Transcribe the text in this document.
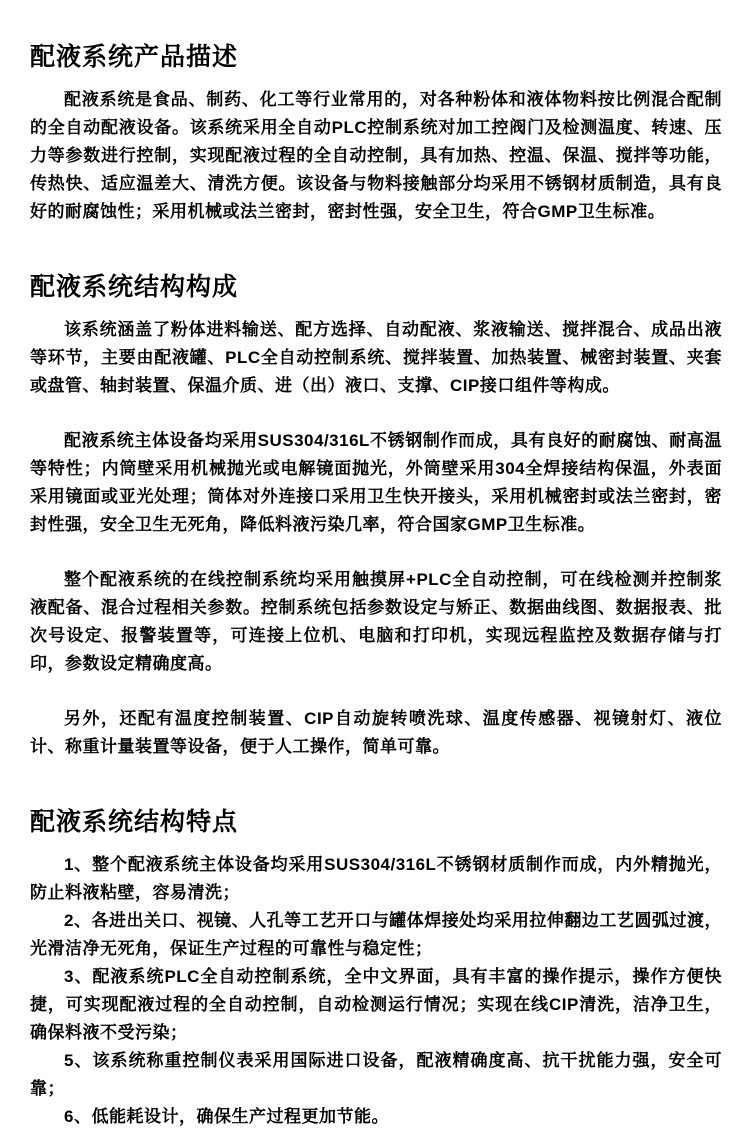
配液系统产品描述

配液系统是食品、制药、化工等行业常用的，对各种粉体和液体物料按比例混合配制的全自动配液设备。该系统采用全自动PLC控制系统对加工控阀门及检测温度、转速、压力等参数进行控制，实现配液过程的全自动控制，具有加热、控温、保温、搅拌等功能，传热快、适应温差大、清洗方便。该设备与物料接触部分均采用不锈钢材质制造，具有良好的耐腐蚀性；采用机械或法兰密封，密封性强，安全卫生，符合GMP卫生标准。

配液系统结构构成

该系统涵盖了粉体进料输送、配方选择、自动配液、浆液输送、搅拌混合、成品出液等环节，主要由配液罐、PLC全自动控制系统、搅拌装置、加热装置、械密封装置、夹套或盘管、轴封装置、保温介质、进（出）液口、支撑、CIP接口组件等构成。

配液系统主体设备均采用SUS304/316L不锈钢制作而成，具有良好的耐腐蚀、耐高温等特性；内筒壁采用机械抛光或电解镜面抛光，外筒壁采用304全焊接结构保温，外表面采用镜面或亚光处理；筒体对外连接口采用卫生快开接头，采用机械密封或法兰密封，密封性强，安全卫生无死角，降低料液污染几率，符合国家GMP卫生标准。

整个配液系统的在线控制系统均采用触摸屏+PLC全自动控制，可在线检测并控制浆液配备、混合过程相关参数。控制系统包括参数设定与矫正、数据曲线图、数据报表、批次号设定、报警装置等，可连接上位机、电脑和打印机，实现远程监控及数据存储与打印，参数设定精确度高。

另外，还配有温度控制装置、CIP自动旋转喷洗球、温度传感器、视镜射灯、液位计、称重计量装置等设备，便于人工操作，简单可靠。

配液系统结构特点

1、整个配液系统主体设备均采用SUS304/316L不锈钢材质制作而成，内外精抛光，防止料液粘壁，容易清洗；

2、各进出关口、视镜、人孔等工艺开口与罐体焊接处均采用拉伸翻边工艺圆弧过渡，光滑洁净无死角，保证生产过程的可靠性与稳定性；

3、配液系统PLC全自动控制系统，全中文界面，具有丰富的操作提示，操作方便快捷，可实现配液过程的全自动控制，自动检测运行情况；实现在线CIP清洗，洁净卫生，确保料液不受污染；

5、该系统称重控制仪表采用国际进口设备，配液精确度高、抗干扰能力强，安全可靠；

6、低能耗设计，确保生产过程更加节能。
